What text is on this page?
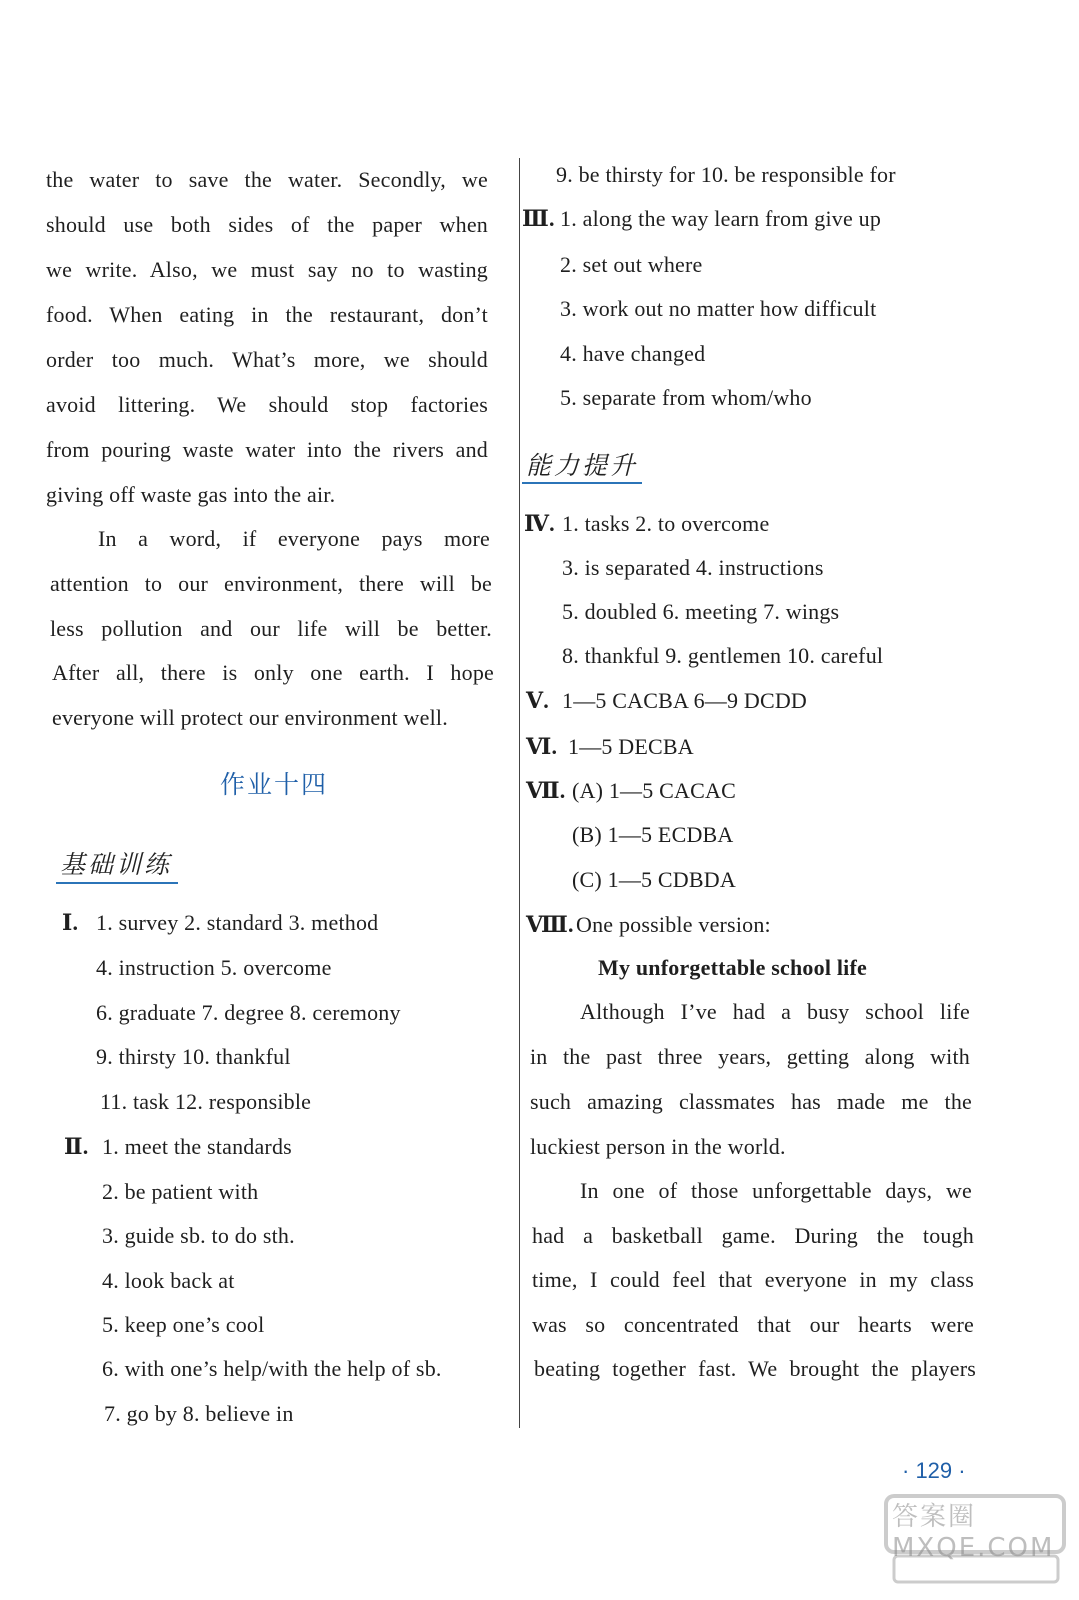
the water to save the water. Secondly, we
should use both sides of the paper when
we write. Also, we must say no to wasting
food. When eating in the restaurant, don’t
order too much. What’s more, we should
avoid littering. We should stop factories
from pouring waste water into the rivers and
giving off waste gas into the air.
In a word, if everyone pays more
attention to our environment, there will be
less pollution and our life will be better.
After all, there is only one earth. I hope
everyone will protect our environment well.
作业十四
基础训练
Ⅰ. 1. survey 2. standard 3. method
4. instruction 5. overcome
6. graduate 7. degree 8. ceremony
9. thirsty 10. thankful
11. task 12. responsible
Ⅱ. 1. meet the standards
2. be patient with
3. guide sb. to do sth.
4. look back at
5. keep one’s cool
6. with one’s help/with the help of sb.
7. go by 8. believe in
9. be thirsty for 10. be responsible for
Ⅲ. 1. along the way learn from give up
2. set out where
3. work out no matter how difficult
4. have changed
5. separate from whom/who
能力提升
Ⅳ. 1. tasks 2. to overcome
3. is separated 4. instructions
5. doubled 6. meeting 7. wings
8. thankful 9. gentlemen 10. careful
Ⅴ. 1—5 CACBA 6—9 DCDD
Ⅵ. 1—5 DECBA
Ⅶ. (A) 1—5 CACAC
(B) 1—5 ECDBA
(C) 1—5 CDBDA
Ⅷ. One possible version:
My unforgettable school life
Although I’ve had a busy school life
in the past three years, getting along with
such amazing classmates has made me the
luckiest person in the world.
In one of those unforgettable days, we
had a basketball game. During the tough
time, I could feel that everyone in my class
was so concentrated that our hearts were
beating together fast. We brought the players
· 129 ·
答案圈 MXQE.COM
